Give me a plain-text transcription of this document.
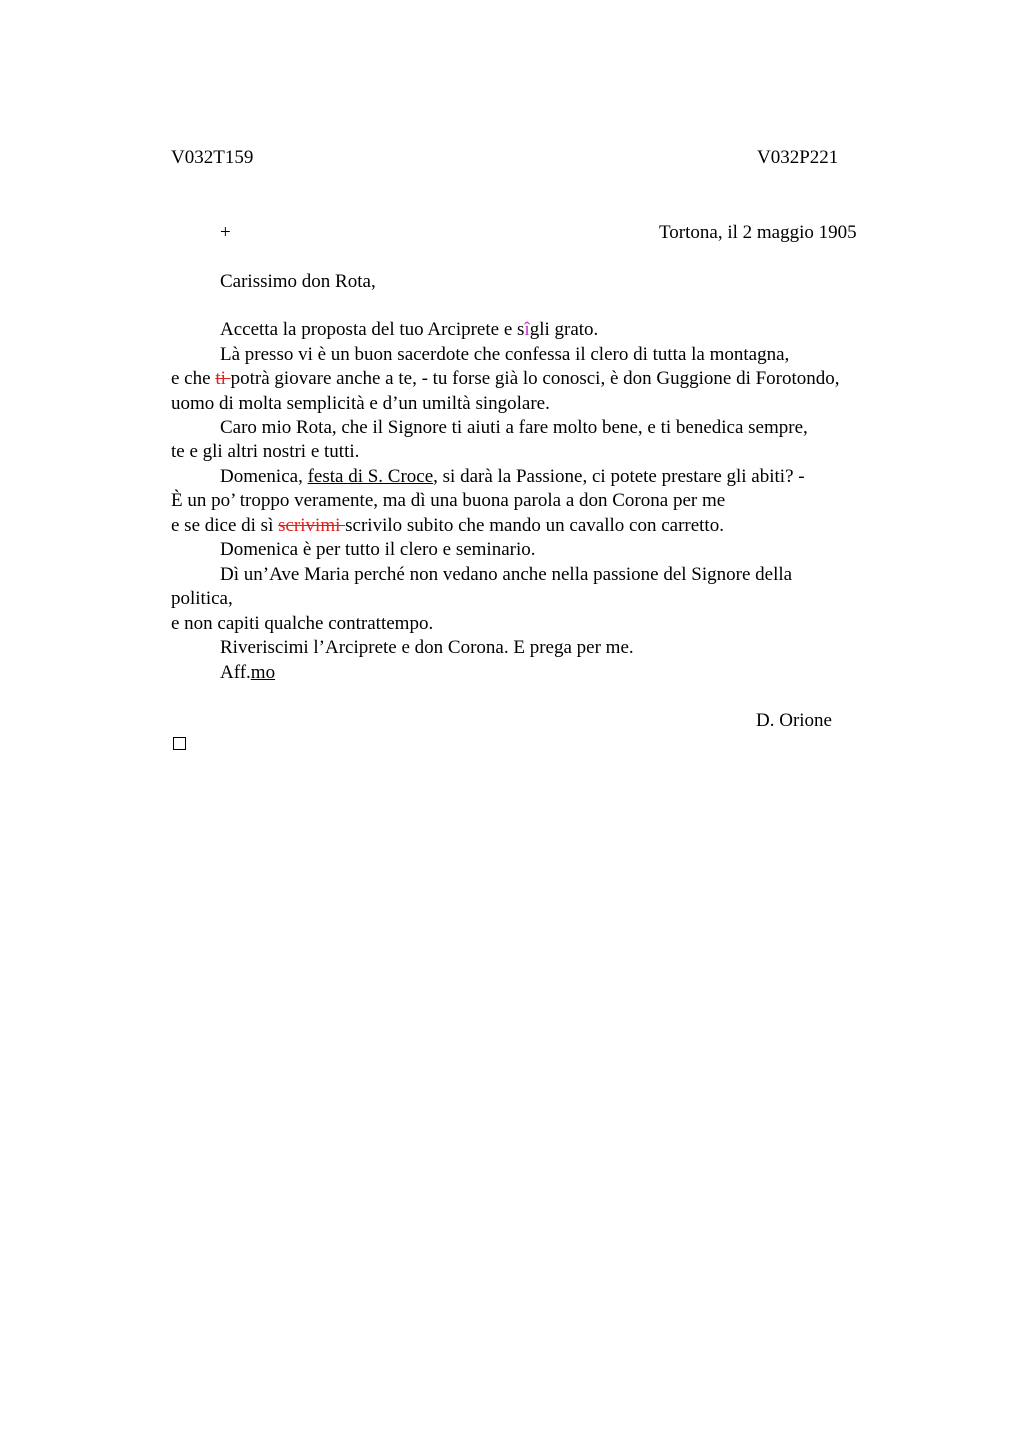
V032T159	V032P221
+	Tortona, il 2 maggio 1905
Carissimo don Rota,
Accetta la proposta del tuo Arciprete e sîgli grato.
Là presso vi è un buon sacerdote che confessa il clero di tutta la montagna,
e che ti potrà giovare anche a te, - tu forse già lo conosci, è don Guggione di Forotondo,
uomo di molta semplicità e d’un umiltà singolare.
Caro mio Rota, che il Signore ti aiuti a fare molto bene, e ti benedica sempre,
te e gli altri nostri e tutti.
Domenica, festa di S. Croce, si darà la Passione, ci potete prestare gli abiti? -
È un po’ troppo veramente, ma dì una buona parola a don Corona per me
e se dice di sì scrivimi scrivilo subito che mando un cavallo con carretto.
Domenica è per tutto il clero e seminario.
Dì un’Ave Maria perché non vedano anche nella passione del Signore della
politica,
e non capiti qualche contrattempo.
Riveriscimi l’Arciprete e don Corona. E prega per me.
Aff.mo
D. Orione
